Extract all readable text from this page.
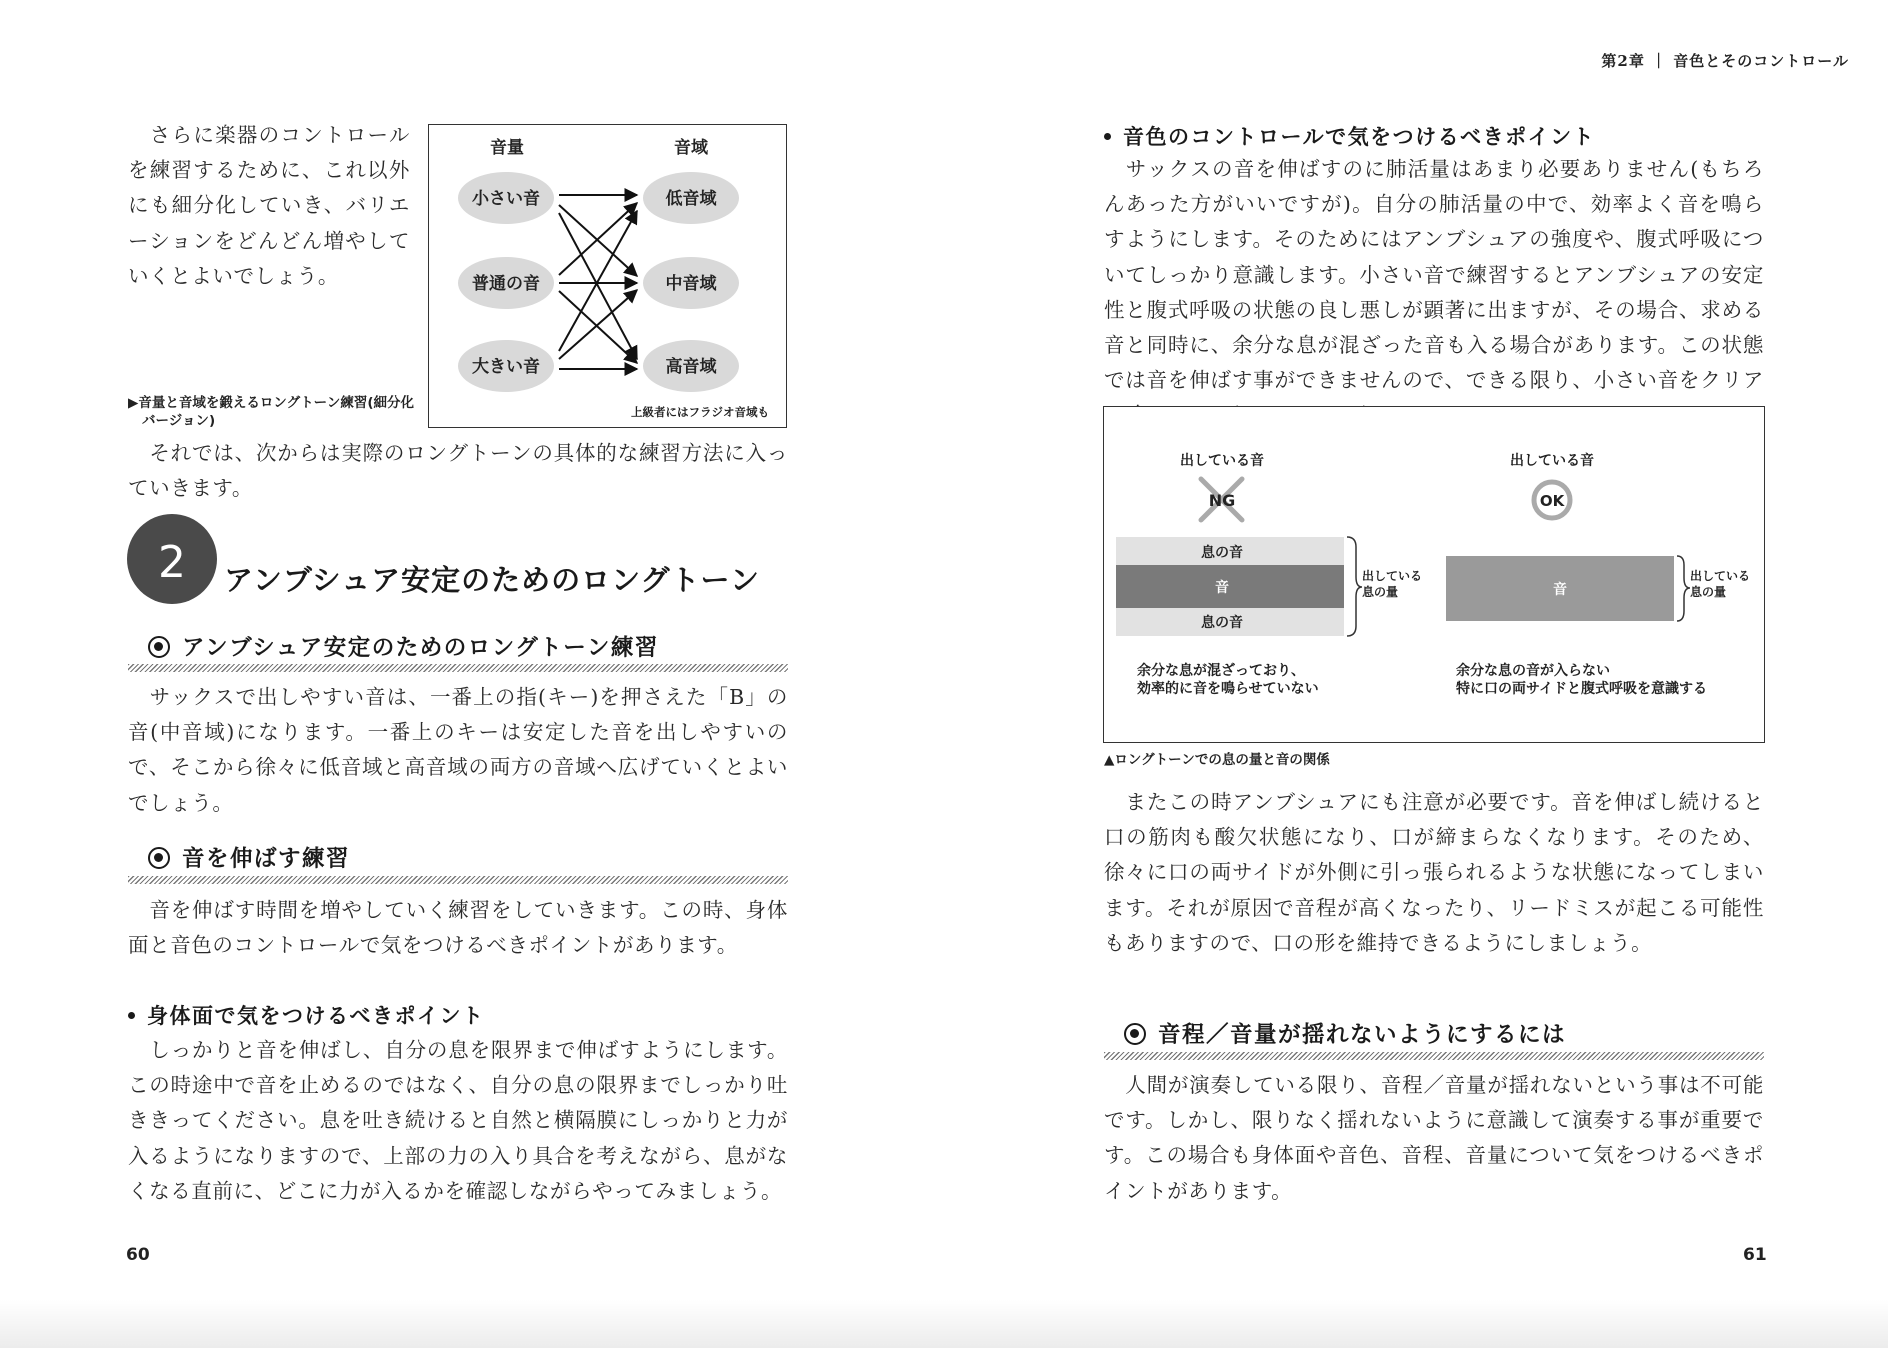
　さらに楽器のコントロールを練習するために、これ以外にも細分化していき、バリエーションをどんどん増やしていくとよいでしょう。

音量	音域
小さい音
普通の音
大きい音
低音域
中音域
高音域
上級者にはフラジオ音域も

▶音量と音域を鍛えるロングトーン練習(細分化バージョン)

　それでは、次からは実際のロングトーンの具体的な練習方法に入っていきます。

2	アンブシュア安定のためのロングトーン
アンブシュア安定のためのロングトーン練習

　サックスで出しやすい音は、一番上の指(キー)を押さえた「B」の音(中音域)になります。一番上のキーは安定した音を出しやすいので、そこから徐々に低音域と高音域の両方の音域へ広げていくとよいでしょう。

音を伸ばす練習

　音を伸ばす時間を増やしていく練習をしていきます。この時、身体面と音色のコントロールで気をつけるべきポイントがあります。

身体面で気をつけるべきポイント

　しっかりと音を伸ばし、自分の息を限界まで伸ばすようにします。この時途中で音を止めるのではなく、自分の息の限界までしっかり吐ききってください。息を吐き続けると自然と横隔膜にしっかりと力が入るようになりますので、上部の力の入り具合を考えながら、息がなくなる直前に、どこに力が入るかを確認しながらやってみましょう。

60
第2章 ｜ 音色とそのコントロール
音色のコントロールで気をつけるべきポイント

　サックスの音を伸ばすのに肺活量はあまり必要ありません(もちろんあった方がいいですが)。自分の肺活量の中で、効率よく音を鳴らすようにします。そのためにはアンブシュアの強度や、腹式呼吸についてしっかり意識します。小さい音で練習するとアンブシュアの安定性と腹式呼吸の状態の良し悪しが顕著に出ますが、その場合、求める音と同時に、余分な息が混ざった音も入る場合があります。この状態では音を伸ばす事ができませんので、できる限り、小さい音をクリア

出している音
NG
息の音
音
息の音
出している
息の量
余分な息が混ざっており、
効率的に音を鳴らせていない
出している音
OK
音
出している
息の量
余分な息の音が入らない
特に口の両サイドと腹式呼吸を意識する

▲ロングトーンでの息の量と音の関係

　またこの時アンブシュアにも注意が必要です。音を伸ばし続けると口の筋肉も酸欠状態になり、口が締まらなくなります。そのため、徐々に口の両サイドが外側に引っ張られるような状態になってしまいます。それが原因で音程が高くなったり、リードミスが起こる可能性もありますので、口の形を維持できるようにしましょう。

音程／音量が揺れないようにするには

　人間が演奏している限り、音程／音量が揺れないという事は不可能です。しかし、限りなく揺れないように意識して演奏する事が重要です。この場合も身体面や音色、音程、音量について気をつけるべきポイントがあります。

61
